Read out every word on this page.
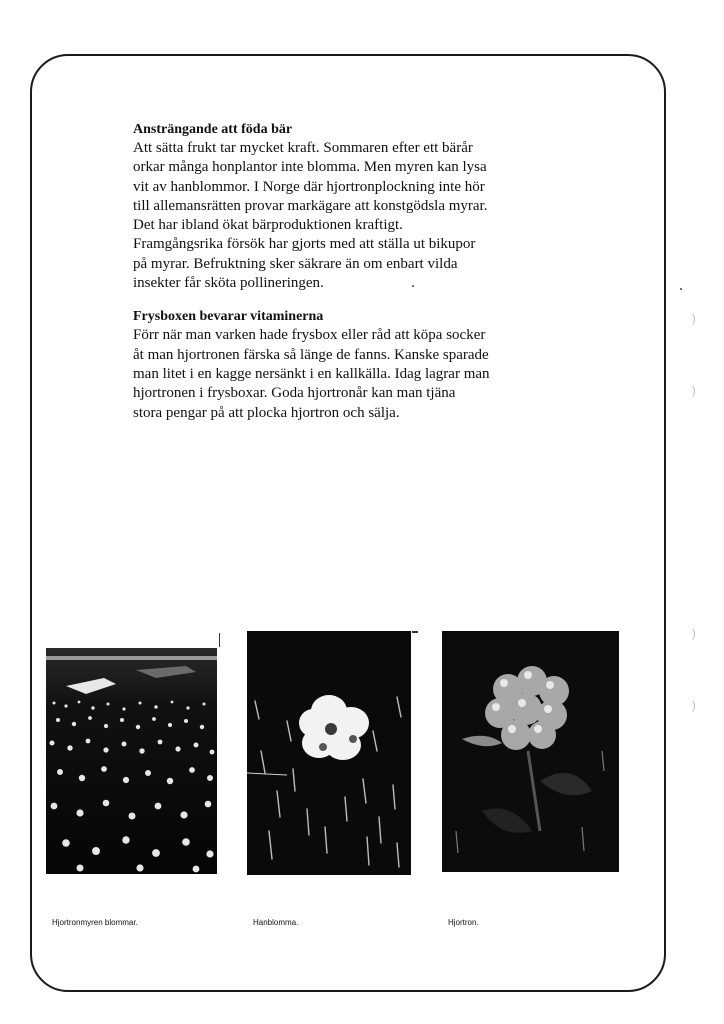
Ansträngande att föda bär

Att sätta frukt tar mycket kraft. Sommaren efter ett bärår

orkar många honplantor inte blomma. Men myren kan lysa

vit av hanblommor. I Norge där hjortronplockning inte hör

till allemansrätten provar markägare att konstgödsla myrar.

Det har ibland ökat bärproduktionen kraftigt.

Framgångsrika försök har gjorts med att ställa ut bikupor

på myrar. Befruktning sker säkrare än om enbart vilda

insekter får sköta pollineringen.

Frysboxen bevarar vitaminerna

Förr när man varken hade frysbox eller råd att köpa socker

åt man hjortronen färska så länge de fanns. Kanske sparade

man litet i en kagge nersänkt i en kallkälla. Idag lagrar man

hjortronen i frysboxar. Goda hjortronår kan man tjäna

stora pengar på att plocka hjortron och sälja.

)
)
)
)
Hjortronmyren blommar.	Hanblomma.	Hjortron.
